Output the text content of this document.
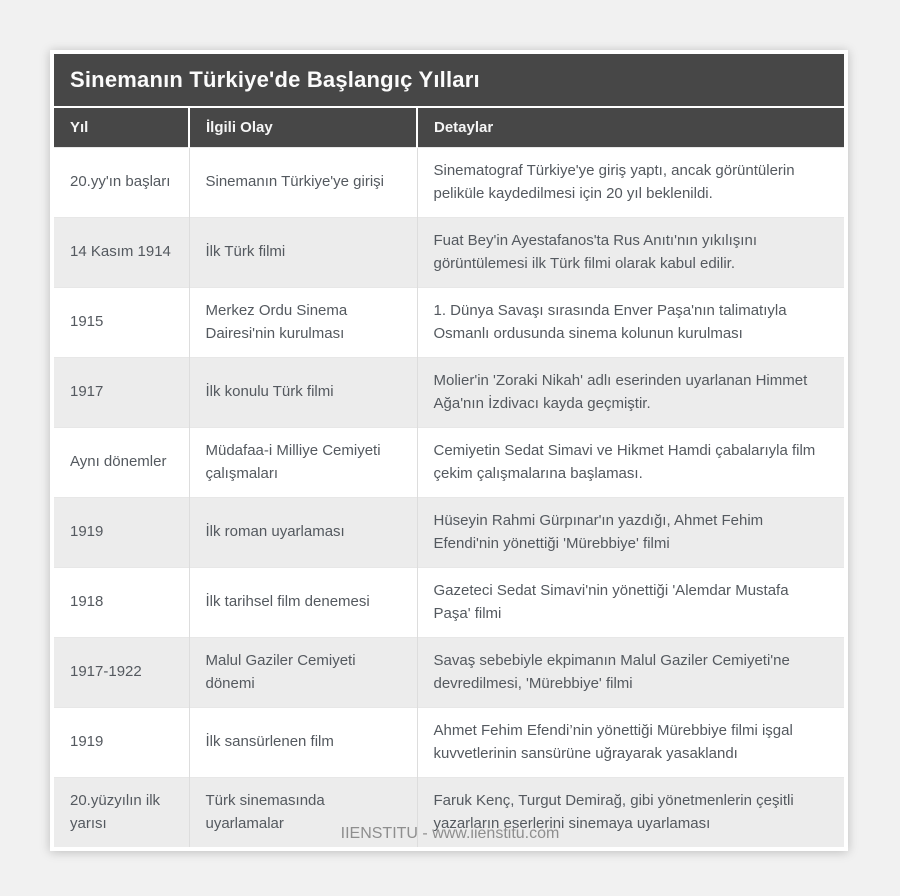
Sinemanın Türkiye'de Başlangıç Yılları
Yıl	İlgili Olay	Detaylar
20.yy'ın başları	Sinemanın Türkiye'ye girişi	Sinematograf Türkiye'ye giriş yaptı, ancak görüntülerin peliküle kaydedilmesi için 20 yıl beklenildi.
14 Kasım 1914	İlk Türk filmi	Fuat Bey'in Ayestafanos'ta Rus Anıtı'nın yıkılışını görüntülemesi ilk Türk filmi olarak kabul edilir.
1915	Merkez Ordu Sinema Dairesi'nin kurulması	1. Dünya Savaşı sırasında Enver Paşa'nın talimatıyla Osmanlı ordusunda sinema kolunun kurulması
1917	İlk konulu Türk filmi	Molier'in 'Zoraki Nikah' adlı eserinden uyarlanan Himmet Ağa'nın İzdivacı kayda geçmiştir.
Aynı dönemler	Müdafaa-i Milliye Cemiyeti çalışmaları	Cemiyetin Sedat Simavi ve Hikmet Hamdi çabalarıyla film çekim çalışmalarına başlaması.
1919	İlk roman uyarlaması	Hüseyin Rahmi Gürpınar'ın yazdığı, Ahmet Fehim Efendi'nin yönettiği 'Mürebbiye' filmi
1918	İlk tarihsel film denemesi	Gazeteci Sedat Simavi'nin yönettiği 'Alemdar Mustafa Paşa' filmi
1917-1922	Malul Gaziler Cemiyeti dönemi	Savaş sebebiyle ekpimanın Malul Gaziler Cemiyeti'ne devredilmesi, 'Mürebbiye' filmi
1919	İlk sansürlenen film	Ahmet Fehim Efendi’nin yönettiği Mürebbiye filmi işgal kuvvetlerinin sansürüne uğrayarak yasaklandı
20.yüzyılın ilk yarısı	Türk sinemasında uyarlamalar	Faruk Kenç, Turgut Demirağ, gibi yönetmenlerin çeşitli yazarların eserlerini sinemaya uyarlaması
IIENSTITU - www.iienstitu.com
